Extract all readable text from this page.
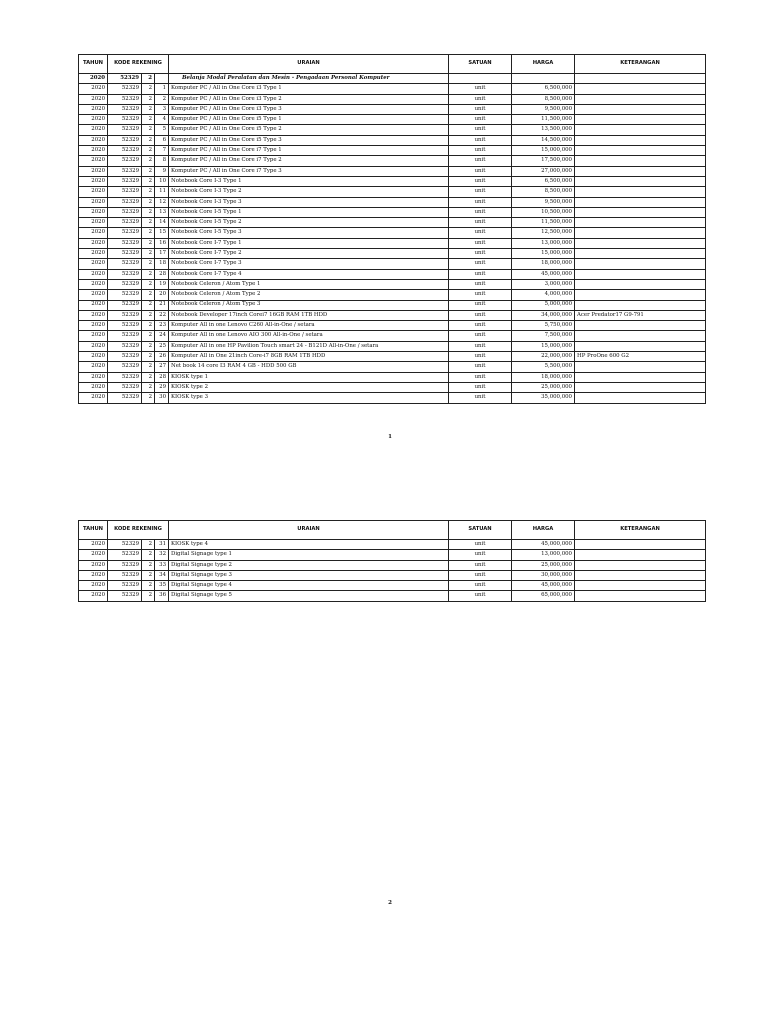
TAHUN	KODE REKENING			URAIAN	SATUAN	HARGA	KETERANGAN
2020	52329	2		Belanja Modal Peralatan dan Mesin - Pengadaan Personal Komputer			
2020	52329	2	1	Komputer PC / All in One Core i3 Type 1	unit	6,500,000	
2020	52329	2	2	Komputer PC / All in One Core i3 Type 2	unit	8,500,000	
2020	52329	2	3	Komputer PC / All in One Core i3 Type 3	unit	9,500,000	
2020	52329	2	4	Komputer PC / All in One Core i5 Type 1	unit	11,500,000	
2020	52329	2	5	Komputer PC / All in One Core i5 Type 2	unit	13,500,000	
2020	52329	2	6	Komputer PC / All in One Core i5 Type 3	unit	14,500,000	
2020	52329	2	7	Komputer PC / All in One Core i7 Type 1	unit	15,000,000	
2020	52329	2	8	Komputer PC / All in One Core i7 Type 2	unit	17,500,000	
2020	52329	2	9	Komputer PC / All in One Core i7 Type 3	unit	27,000,000	
2020	52329	2	10	Notebook Core I-3 Type 1	unit	6,500,000	
2020	52329	2	11	Notebook Core I-3 Type 2	unit	8,500,000	
2020	52329	2	12	Notebook Core I-3 Type 3	unit	9,500,000	
2020	52329	2	13	Notebook Core I-5 Type 1	unit	10,500,000	
2020	52329	2	14	Notebook Core I-5 Type 2	unit	11,500,000	
2020	52329	2	15	Notebook Core I-5 Type 3	unit	12,500,000	
2020	52329	2	16	Notebook Core I-7 Type 1	unit	13,000,000	
2020	52329	2	17	Notebook Core I-7 Type 2	unit	15,000,000	
2020	52329	2	18	Notebook Core I-7 Type 3	unit	18,000,000	
2020	52329	2	28	Notebook Core I-7 Type 4	unit	45,000,000	
2020	52329	2	19	Notebook Celeron / Atom Type 1	unit	3,000,000	
2020	52329	2	20	Notebook Celeron / Atom Type 2	unit	4,000,000	
2020	52329	2	21	Notebook Celeron / Atom Type 3	unit	5,000,000	
2020	52329	2	22	Notebook Developer 17inch Corei7 16GB RAM 1TB HDD	unit	34,000,000	Acer Predator17 G9-791
2020	52329	2	23	Komputer All in one Lenovo C260 All-in-One / setara	unit	5,750,000	
2020	52329	2	24	Komputer All in one Lenovo AIO 300 All-in-One / setara	unit	7,500,000	
2020	52329	2	25	Komputer All in one HP Pavilion Touch smart 24 - B121D All-in-One / setara	unit	15,000,000	
2020	52329	2	26	Komputer All in One 21inch Core-i7 8GB RAM 1TB HDD	unit	22,000,000	HP ProOne 600 G2
2020	52329	2	27	Net book 14 core I3 RAM 4 GB - HDD 500 GB	unit	5,500,000	
2020	52329	2	28	KIOSK type 1	unit	18,000,000	
2020	52329	2	29	KIOSK type 2	unit	25,000,000	
2020	52329	2	30	KIOSK type 3	unit	35,000,000	
1
TAHUN	KODE REKENING			URAIAN	SATUAN	HARGA	KETERANGAN
2020	52329	2	31	KIOSK type 4	unit	45,000,000	
2020	52329	2	32	Digital Signage type 1	unit	13,000,000	
2020	52329	2	33	Digital Signage type 2	unit	25,000,000	
2020	52329	2	34	Digital Signage type 3	unit	30,000,000	
2020	52329	2	35	Digital Signage type 4	unit	45,000,000	
2020	52329	2	36	Digital Signage type 5	unit	65,000,000	
2
